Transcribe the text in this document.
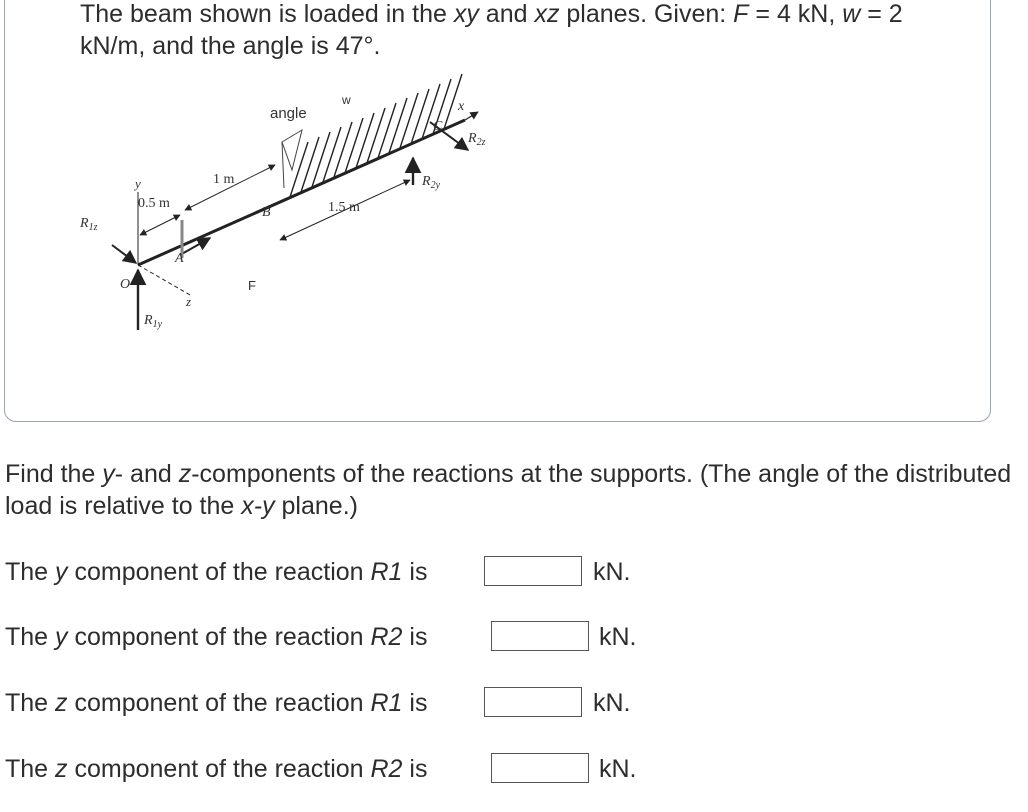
The beam shown is loaded in the xy and xz planes. Given: F = 4 kN, w = 2 kN/m, and the angle is 47°.

angle
w	x
y
z
C
B
A
O	F
$R_{2z}$
$R_{2y}$
$R_{1z}$
$R_{1y}$
1 m
0.5 m	1.5 m

Find the y- and z-components of the reactions at the supports. (The angle of the distributed load is relative to the x-y plane.)

The y component of the reaction R1 is	kN.
The y component of the reaction R2 is	kN.
The z component of the reaction R1 is	kN.
The z component of the reaction R2 is	kN.
